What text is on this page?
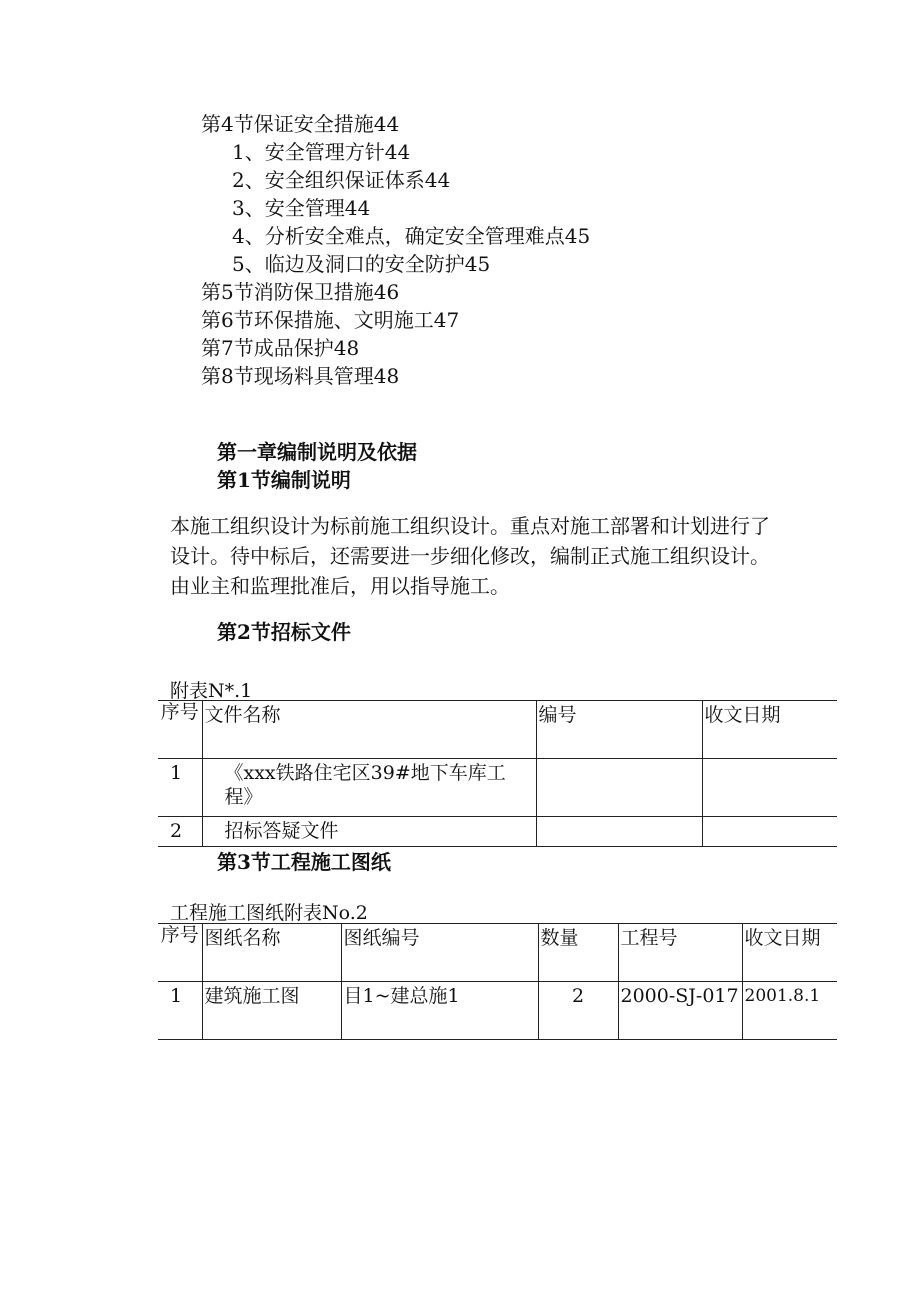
第4节保证安全措施44
1、安全管理方针44
2、安全组织保证体系44
3、安全管理44
4、分析安全难点，确定安全管理难点45
5、临边及洞口的安全防护45
第5节消防保卫措施46
第6节环保措施、文明施工47
第7节成品保护48
第8节现场料具管理48
第一章编制说明及依据
第1节编制说明
本施工组织设计为标前施工组织设计。重点对施工部署和计划进行了
设计。待中标后，还需要进一步细化修改，编制正式施工组织设计。
由业主和监理批准后，用以指导施工。
第2节招标文件
附表N*.1
序号	文件名称	编号	收文日期
1	《xxx铁路住宅区39#地下车库工程》		
2	招标答疑文件		
第3节工程施工图纸
工程施工图纸附表No.2
序号	图纸名称	图纸编号	数量	工程号	收文日期
1	建筑施工图	目1~建总施1	2	2000-SJ-017	2001.8.1
